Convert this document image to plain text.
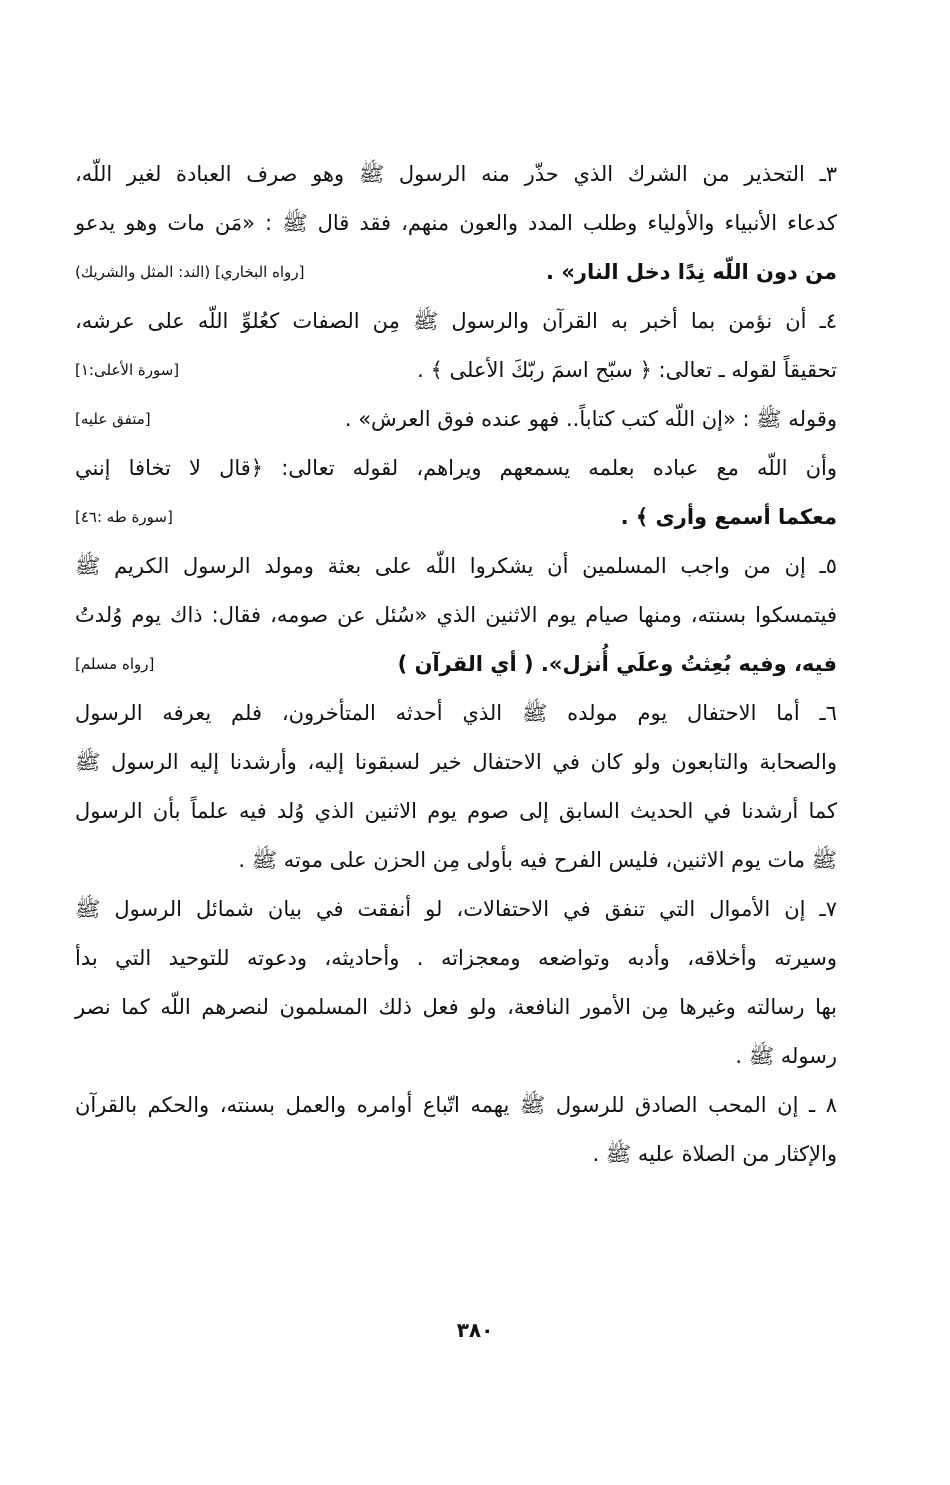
٣ـ التحذير من الشرك الذي حذّر منه الرسول ﷺ وهو صرف العبادة لغير اللّه،
كدعاء الأنبياء والأولياء وطلب المدد والعون منهم، فقد قال ﷺ : «مَن مات وهو يدعو
من دون اللّه نِدًا دخل النار» .
[رواه البخاري] (الند: المثل والشريك)
٤ـ أن نؤمن بما أخبر به القرآن والرسول ﷺ مِن الصفات كعُلوِّ اللّه على عرشه،
تحقيقاً لقوله ـ تعالى: ﴿ سبّح اسمَ ربّكَ الأعلى ﴾ .
[سورة الأعلى:١]
وقوله ﷺ : «إن اللّه كتب كتاباً.. فهو عنده فوق العرش» .
[متفق عليه]
وأن اللّه مع عباده بعلمه يسمعهم ويراهم، لقوله تعالى: ﴿قال لا تخافا إنني
معكما أسمع وأرى ﴾ .
[سورة طه :٤٦]
٥ـ إن من واجب المسلمين أن يشكروا اللّه على بعثة ومولد الرسول الكريم ﷺ
فيتمسكوا بسنته، ومنها صيام يوم الاثنين الذي «سُئل عن صومه، فقال: ذاك يوم وُلدتُ
فيه، وفيه بُعِثتُ وعلَي أُنزل». ( أي القرآن )
[رواه مسلم]
٦ـ أما الاحتفال يوم مولده ﷺ الذي أحدثه المتأخرون، فلم يعرفه الرسول
والصحابة والتابعون ولو كان في الاحتفال خير لسبقونا إليه، وأرشدنا إليه الرسول ﷺ
كما أرشدنا في الحديث السابق إلى صوم يوم الاثنين الذي وُلد فيه علماً بأن الرسول
ﷺ مات يوم الاثنين، فليس الفرح فيه بأولى مِن الحزن على موته ﷺ .
٧ـ إن الأموال التي تنفق في الاحتفالات، لو أنفقت في بيان شمائل الرسول ﷺ
وسيرته وأخلاقه، وأدبه وتواضعه ومعجزاته . وأحاديثه، ودعوته للتوحيد التي بدأ
بها رسالته وغيرها مِن الأمور النافعة، ولو فعل ذلك المسلمون لنصرهم اللّه كما نصر
رسوله ﷺ .
٨ ـ إن المحب الصادق للرسول ﷺ يهمه اتّباع أوامره والعمل بسنته، والحكم بالقرآن
والإكثار من الصلاة عليه ﷺ .
٣٨٠
